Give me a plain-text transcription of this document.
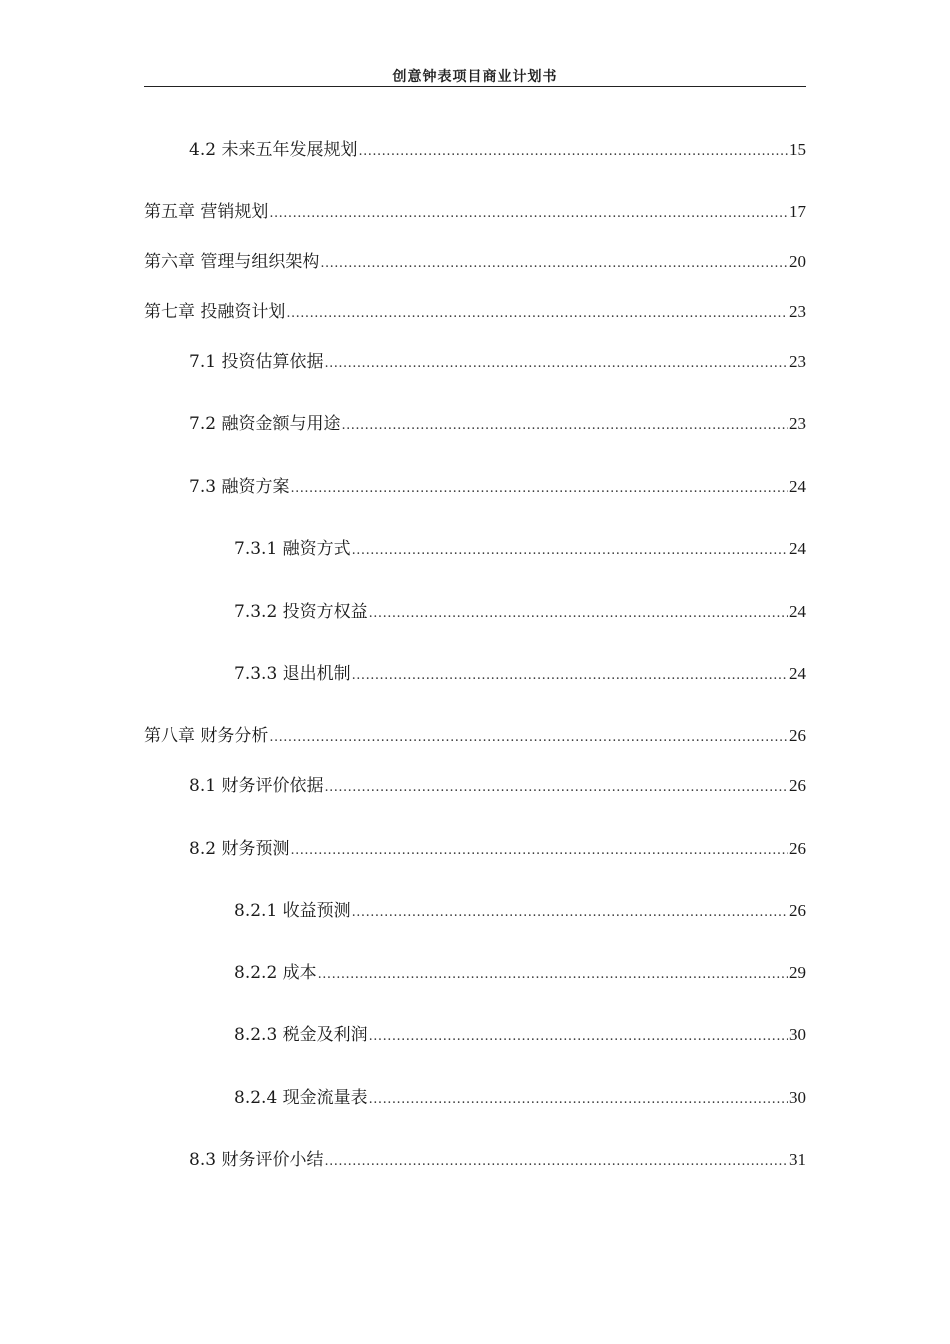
创意钟表项目商业计划书
4.2 未来五年发展规划 .....	15
第五章 营销规划 .....	17
第六章 管理与组织架构 .....	20
第七章 投融资计划 .....	23
7.1 投资估算依据 .....	23
7.2 融资金额与用途 .....	23
7.3 融资方案 .....	24
7.3.1 融资方式 .....	24
7.3.2 投资方权益 .....	24
7.3.3 退出机制 .....	24
第八章 财务分析 .....	26
8.1 财务评价依据 .....	26
8.2 财务预测 .....	26
8.2.1 收益预测 .....	26
8.2.2 成本 .....	29
8.2.3 税金及利润 .....	30
8.2.4 现金流量表 .....	30
8.3 财务评价小结 .....	31
